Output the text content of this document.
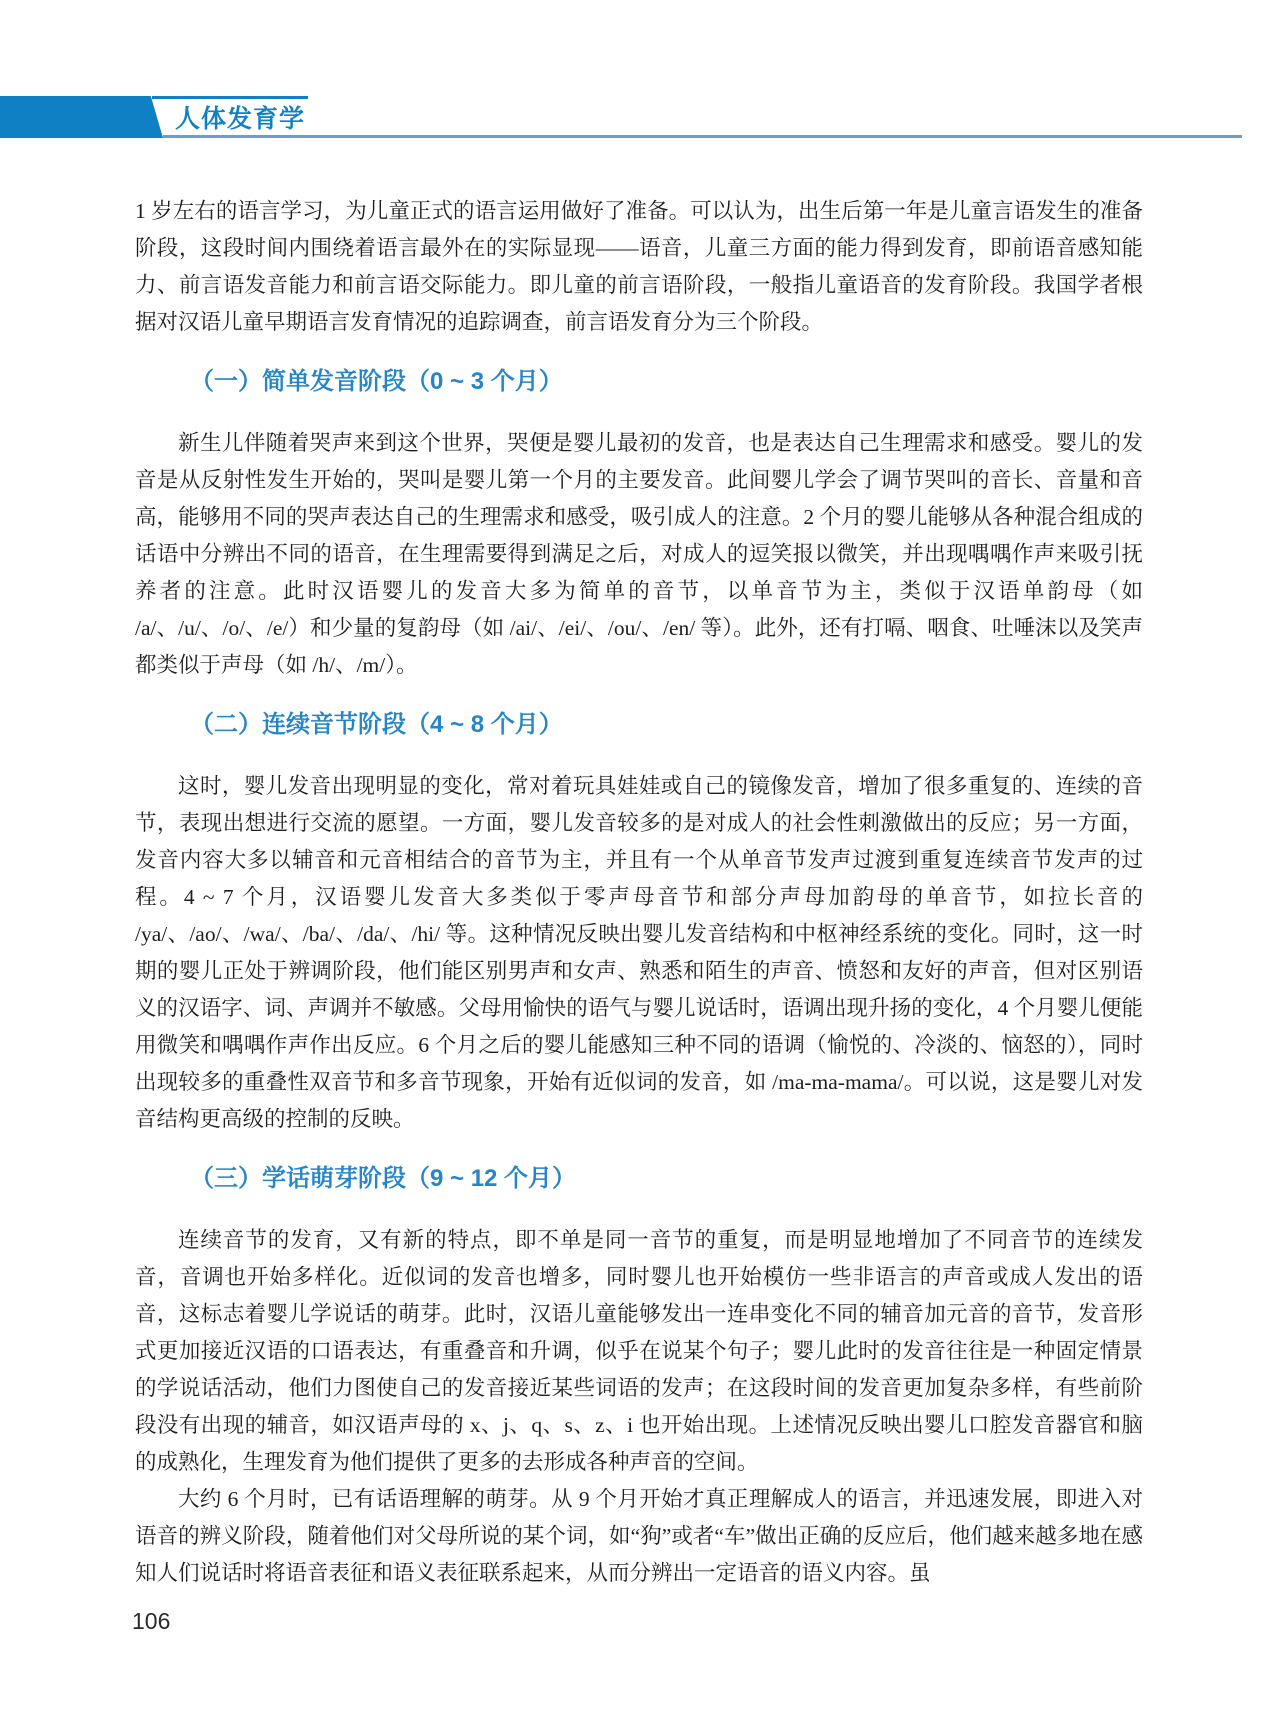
人体发育学

1 岁左右的语言学习，为儿童正式的语言运用做好了准备。可以认为，出生后第一年是儿童言语发生的准备阶段，这段时间内围绕着语言最外在的实际显现——语音，儿童三方面的能力得到发育，即前语音感知能力、前言语发音能力和前言语交际能力。即儿童的前言语阶段，一般指儿童语音的发育阶段。我国学者根据对汉语儿童早期语言发育情况的追踪调查，前言语发育分为三个阶段。

（一）简单发音阶段（0 ~ 3 个月）

新生儿伴随着哭声来到这个世界，哭便是婴儿最初的发音，也是表达自己生理需求和感受。婴儿的发音是从反射性发生开始的，哭叫是婴儿第一个月的主要发音。此间婴儿学会了调节哭叫的音长、音量和音高，能够用不同的哭声表达自己的生理需求和感受，吸引成人的注意。2 个月的婴儿能够从各种混合组成的话语中分辨出不同的语音，在生理需要得到满足之后，对成人的逗笑报以微笑，并出现喁喁作声来吸引抚养者的注意。此时汉语婴儿的发音大多为简单的音节，以单音节为主，类似于汉语单韵母（如 /a/、/u/、/o/、/e/）和少量的复韵母（如 /ai/、/ei/、/ou/、/en/ 等）。此外，还有打嗝、咽食、吐唾沫以及笑声都类似于声母（如 /h/、/m/）。

（二）连续音节阶段（4 ~ 8 个月）

这时，婴儿发音出现明显的变化，常对着玩具娃娃或自己的镜像发音，增加了很多重复的、连续的音节，表现出想进行交流的愿望。一方面，婴儿发音较多的是对成人的社会性刺激做出的反应；另一方面，发音内容大多以辅音和元音相结合的音节为主，并且有一个从单音节发声过渡到重复连续音节发声的过程。4 ~ 7 个月，汉语婴儿发音大多类似于零声母音节和部分声母加韵母的单音节，如拉长音的 /ya/、/ao/、/wa/、/ba/、/da/、/hi/ 等。这种情况反映出婴儿发音结构和中枢神经系统的变化。同时，这一时期的婴儿正处于辨调阶段，他们能区别男声和女声、熟悉和陌生的声音、愤怒和友好的声音，但对区别语义的汉语字、词、声调并不敏感。父母用愉快的语气与婴儿说话时，语调出现升扬的变化，4 个月婴儿便能用微笑和喁喁作声作出反应。6 个月之后的婴儿能感知三种不同的语调（愉悦的、冷淡的、恼怒的），同时出现较多的重叠性双音节和多音节现象，开始有近似词的发音，如 /ma-ma-mama/。可以说，这是婴儿对发音结构更高级的控制的反映。

（三）学话萌芽阶段（9 ~ 12 个月）

连续音节的发育，又有新的特点，即不单是同一音节的重复，而是明显地增加了不同音节的连续发音，音调也开始多样化。近似词的发音也增多，同时婴儿也开始模仿一些非语言的声音或成人发出的语音，这标志着婴儿学说话的萌芽。此时，汉语儿童能够发出一连串变化不同的辅音加元音的音节，发音形式更加接近汉语的口语表达，有重叠音和升调，似乎在说某个句子；婴儿此时的发音往往是一种固定情景的学说话活动，他们力图使自己的发音接近某些词语的发声；在这段时间的发音更加复杂多样，有些前阶段没有出现的辅音，如汉语声母的 x、j、q、s、z、i 也开始出现。上述情况反映出婴儿口腔发音器官和脑的成熟化，生理发育为他们提供了更多的去形成各种声音的空间。

大约 6 个月时，已有话语理解的萌芽。从 9 个月开始才真正理解成人的语言，并迅速发展，即进入对语音的辨义阶段，随着他们对父母所说的某个词，如“狗”或者“车”做出正确的反应后，他们越来越多地在感知人们说话时将语音表征和语义表征联系起来，从而分辨出一定语音的语义内容。虽

106
